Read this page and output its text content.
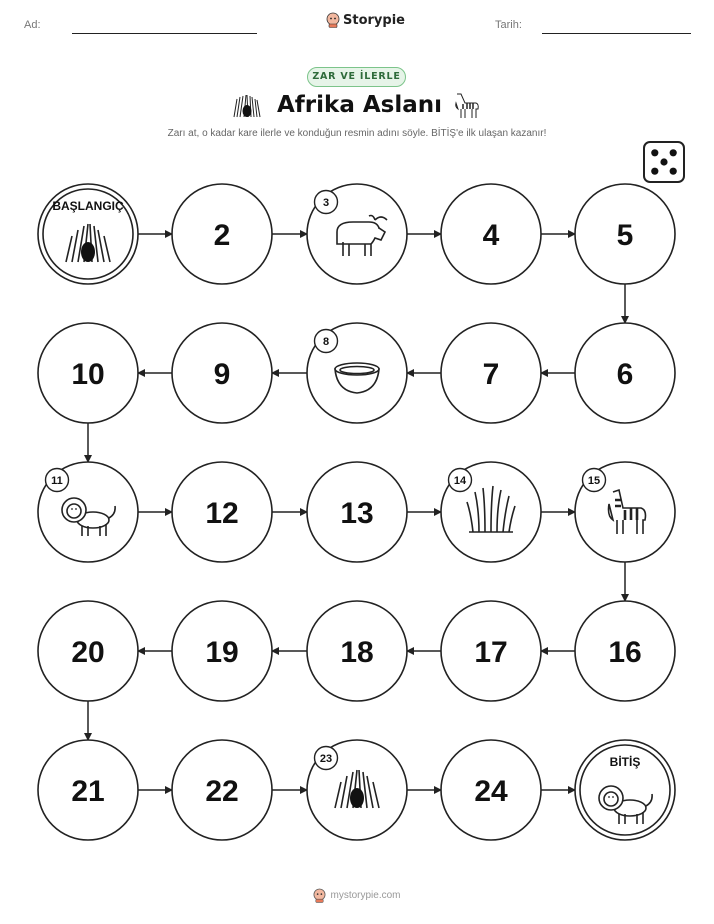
Ad:	Storypie	Tarih:
ZAR VE İLERLE
Afrika Aslanı
Zarı at, o kadar kare ilerle ve konduğun resmin adını söyle. BİTİŞ'e ilk ulaşan kazanır!
BAŞLANGIÇ
2
3
4	5
6
7
8
9
10
11
12	13
14	15
16
17
18
19
20
21	22
23
24
BİTİŞ
mystorypie.com
